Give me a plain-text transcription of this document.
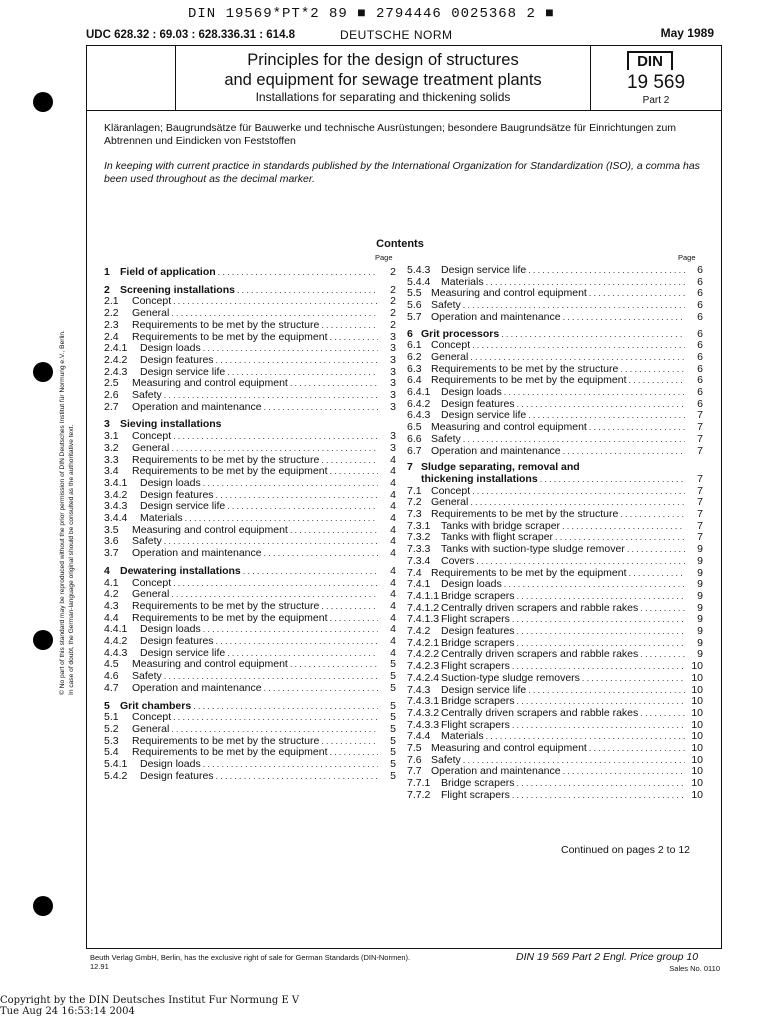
DIN 19569*PT*2 89 ■ 2794446 0025368 2 ■
UDC 628.32 : 69.03 : 628.336.31 : 614.8	DEUTSCHE NORM	May 1989
Principles for the design of structures
and equipment for sewage treatment plants
Installations for separating and thickening solids
DIN
19 569
Part 2
Kläranlagen; Baugrundsätze für Bauwerke und technische Ausrüstungen; besondere Baugrundsätze für Einrichtungen zum Abtrennen und Eindicken von Feststoffen
In keeping with current practice in standards published by the International Organization for Standardization (ISO), a comma has been used throughout as the decimal marker.
Contents
Page	Page
1 Field of application .....	2
2 Screening installations .....	2
2.1	Concept .....	2
2.2	General .....	2
2.3	Requirements to be met by the structure .....	2
2.4	Requirements to be met by the equipment .....	3
2.4.1	Design loads .....	3
2.4.2	Design features .....	3
2.4.3	Design service life .....	3
2.5	Measuring and control equipment .....	3
2.6	Safety .....	3
2.7	Operation and maintenance .....	3
3 Sieving installations
3.1	Concept .....	3
3.2	General .....	3
3.3	Requirements to be met by the structure .....	4
3.4	Requirements to be met by the equipment .....	4
3.4.1	Design loads .....	4
3.4.2	Design features .....	4
3.4.3	Design service life .....	4
3.4.4	Materials .....	4
3.5	Measuring and control equipment .....	4
3.6	Safety .....	4
3.7	Operation and maintenance .....	4
4 Dewatering installations .....	4
4.1	Concept .....	4
4.2	General .....	4
4.3	Requirements to be met by the structure .....	4
4.4	Requirements to be met by the equipment .....	4
4.4.1	Design loads .....	4
4.4.2	Design features .....	4
4.4.3	Design service life .....	4
4.5	Measuring and control equipment .....	5
4.6	Safety .....	5
4.7	Operation and maintenance .....	5
5 Grit chambers .....	5
5.1	Concept .....	5
5.2	General .....	5
5.3	Requirements to be met by the structure .....	5
5.4	Requirements to be met by the equipment .....	5
5.4.1	Design loads .....	5
5.4.2	Design features .....	5
5.4.3	Design service life .....	6
5.4.4	Materials .....	6
5.5 Measuring and control equipment .....	6
5.6 Safety .....	6
5.7 Operation and maintenance .....	6
6 Grit processors .....	6
6.1 Concept .....	6
6.2 General .....	6
6.3 Requirements to be met by the structure .....	6
6.4 Requirements to be met by the equipment .....	6
6.4.1	Design loads .....	6
6.4.2	Design features .....	6
6.4.3	Design service life .....	7
6.5 Measuring and control equipment .....	7
6.6 Safety .....	7
6.7 Operation and maintenance .....	7
7 Sludge separating, removal and
thickening installations .....	7
7.1 Concept .....	7
7.2 General .....	7
7.3 Requirements to be met by the structure .....	7
7.3.1	Tanks with bridge scraper .....	7
7.3.2	Tanks with flight scraper .....	7
7.3.3	Tanks with suction-type sludge remover .....	9
7.3.4	Covers .....	9
7.4 Requirements to be met by the equipment .....	9
7.4.1	Design loads .....	9
7.4.1.1 Bridge scrapers .....	9
7.4.1.2 Centrally driven scrapers and rabble rakes .....	9
7.4.1.3 Flight scrapers .....	9
7.4.2	Design features .....	9
7.4.2.1 Bridge scrapers .....	9
7.4.2.2 Centrally driven scrapers and rabble rakes .....	9
7.4.2.3 Flight scrapers .....	10
7.4.2.4 Suction-type sludge removers .....	10
7.4.3	Design service life .....	10
7.4.3.1 Bridge scrapers .....	10
7.4.3.2 Centrally driven scrapers and rabble rakes .....	10
7.4.3.3 Flight scrapers .....	10
7.4.4	Materials .....	10
7.5 Measuring and control equipment .....	10
7.6 Safety .....	10
7.7 Operation and maintenance .....	10
7.7.1	Bridge scrapers .....	10
7.7.2	Flight scrapers .....	10
Continued on pages 2 to 12
Beuth Verlag GmbH, Berlin, has the exclusive right of sale for German Standards (DIN-Normen).
12.91
DIN 19 569 Part 2 Engl. Price group 10
Sales No. 0110
© No part of this standard may be reproduced without the prior permission of DIN Deutsches Institut für Normung e.V., Berlin. In case of doubt, the German-language original should be consulted as the authoritative text.
Copyright by the DIN Deutsches Institut Fur Normung E V
Tue Aug 24 16:53:14 2004
